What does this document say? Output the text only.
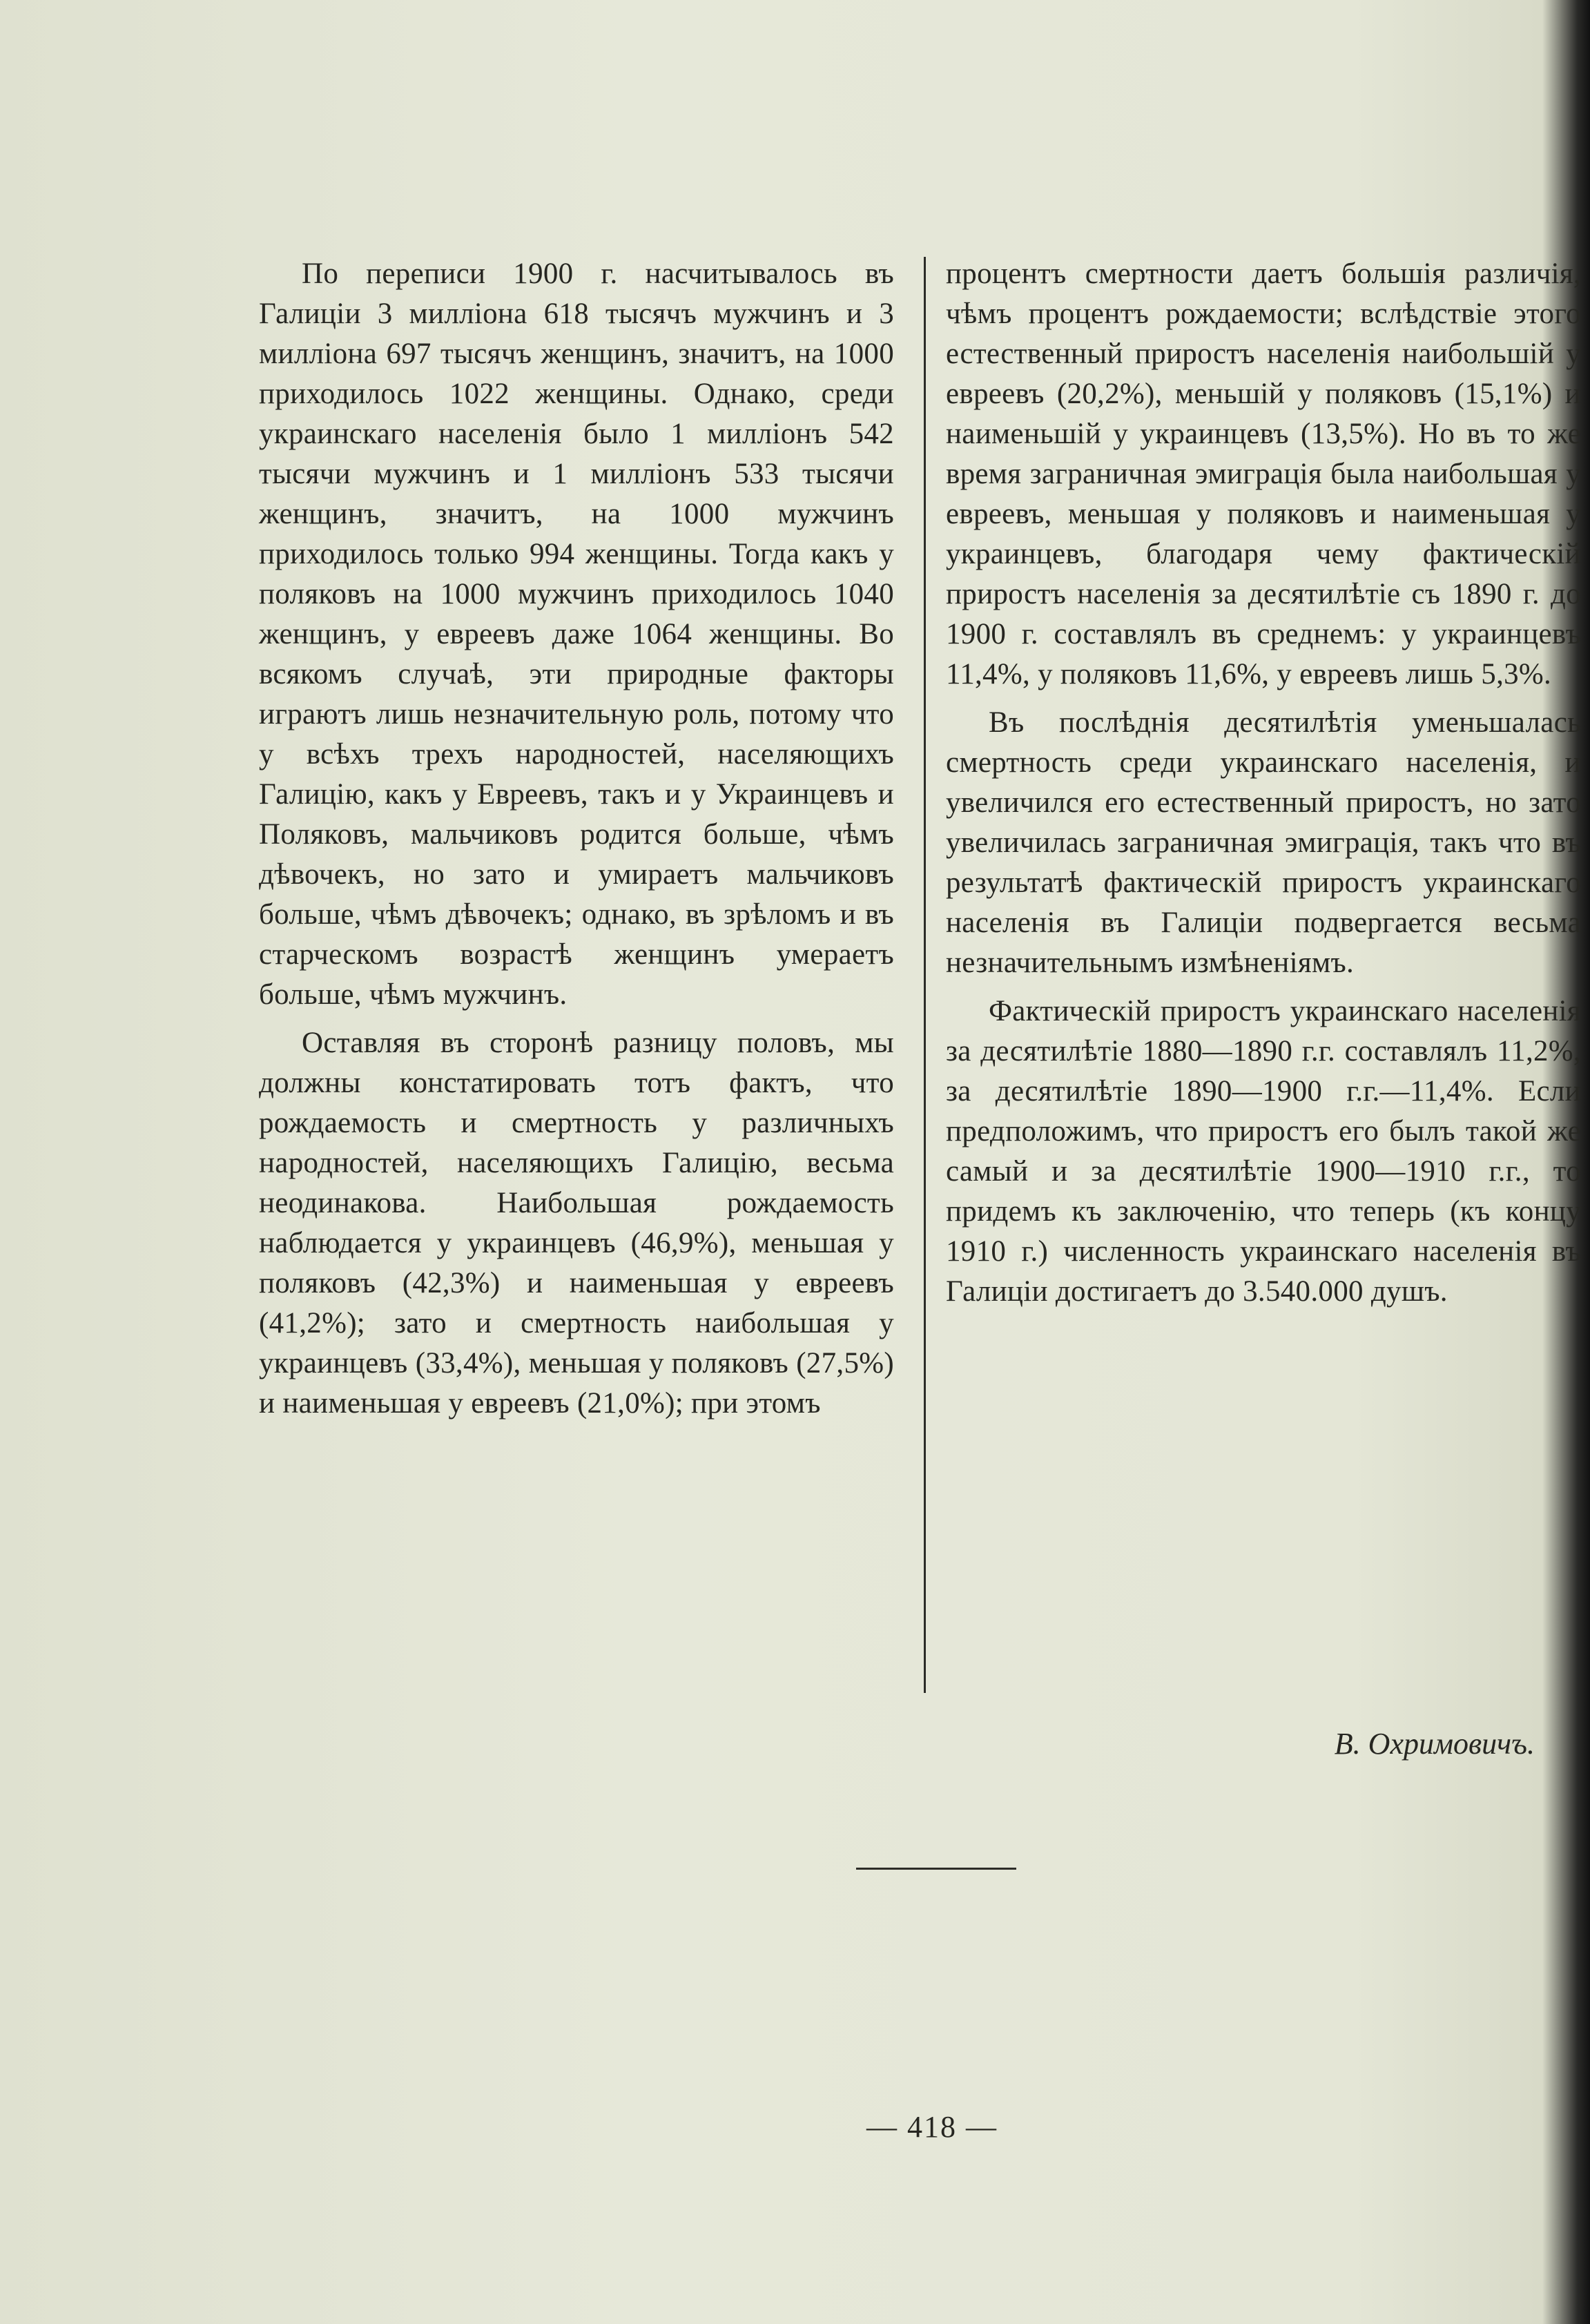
По переписи 1900 г. насчитывалось въ Галиціи 3 милліона 618 тысячъ мужчинъ и 3 милліона 697 тысячъ женщинъ, значитъ, на 1000 приходилось 1022 женщины. Однако, среди украинскаго населенія было 1 милліонъ 542 тысячи мужчинъ и 1 милліонъ 533 тысячи женщинъ, значитъ, на 1000 мужчинъ приходилось только 994 женщины. Тогда какъ у поляковъ на 1000 мужчинъ приходилось 1040 женщинъ, у евреевъ даже 1064 женщины. Во всякомъ случаѣ, эти природные факторы играютъ лишь незначительную роль, потому что у всѣхъ трехъ народностей, населяющихъ Галицію, какъ у Евреевъ, такъ и у Украинцевъ и Поляковъ, мальчиковъ родится больше, чѣмъ дѣвочекъ, но зато и умираетъ мальчиковъ больше, чѣмъ дѣвочекъ; однако, въ зрѣломъ и въ старческомъ возрастѣ женщинъ умераетъ больше, чѣмъ мужчинъ.

Оставляя въ сторонѣ разницу половъ, мы должны констатировать тотъ фактъ, что рождаемость и смертность у различныхъ народностей, населяющихъ Галицію, весьма неодинакова. Наибольшая рождаемость наблюдается у украинцевъ (46,9%), меньшая у поляковъ (42,3%) и наименьшая у евреевъ (41,2%); зато и смертность наибольшая у украинцевъ (33,4%), меньшая у поляковъ (27,5%) и наименьшая у евреевъ (21,0%); при этомъ

процентъ смертности даетъ большія различія, чѣмъ процентъ рождаемости; вслѣдствіе этого естественный приростъ населенія наибольшій у евреевъ (20,2%), меньшій у поляковъ (15,1%) и наименьшій у украинцевъ (13,5%). Но въ то же время заграничная эмиграція была наибольшая у евреевъ, меньшая у поляковъ и наименьшая у украинцевъ, благодаря чему фактическій приростъ населенія за десятилѣтіе съ 1890 г. до 1900 г. составлялъ въ среднемъ: у украинцевъ 11,4%, у поляковъ 11,6%, у евреевъ лишь 5,3%.

Въ послѣднія десятилѣтія уменьшалась смертность среди украинскаго населенія, и увеличился его естественный приростъ, но зато увеличилась заграничная эмиграція, такъ что въ результатѣ фактическій приростъ украинскаго населенія въ Галиціи подвергается весьма незначительнымъ измѣненіямъ.

Фактическій приростъ украинскаго населенія за десятилѣтіе 1880—1890 г.г. составлялъ 11,2%, за десятилѣтіе 1890—1900 г.г.—11,4%. Если предположимъ, что приростъ его былъ такой же самый и за десятилѣтіе 1900—1910 г.г., то придемъ къ заключенію, что теперь (къ концу 1910 г.) численность украинскаго населенія въ Галиціи достигаетъ до 3.540.000 душъ.

В. Охримовичъ.
— 418 —
